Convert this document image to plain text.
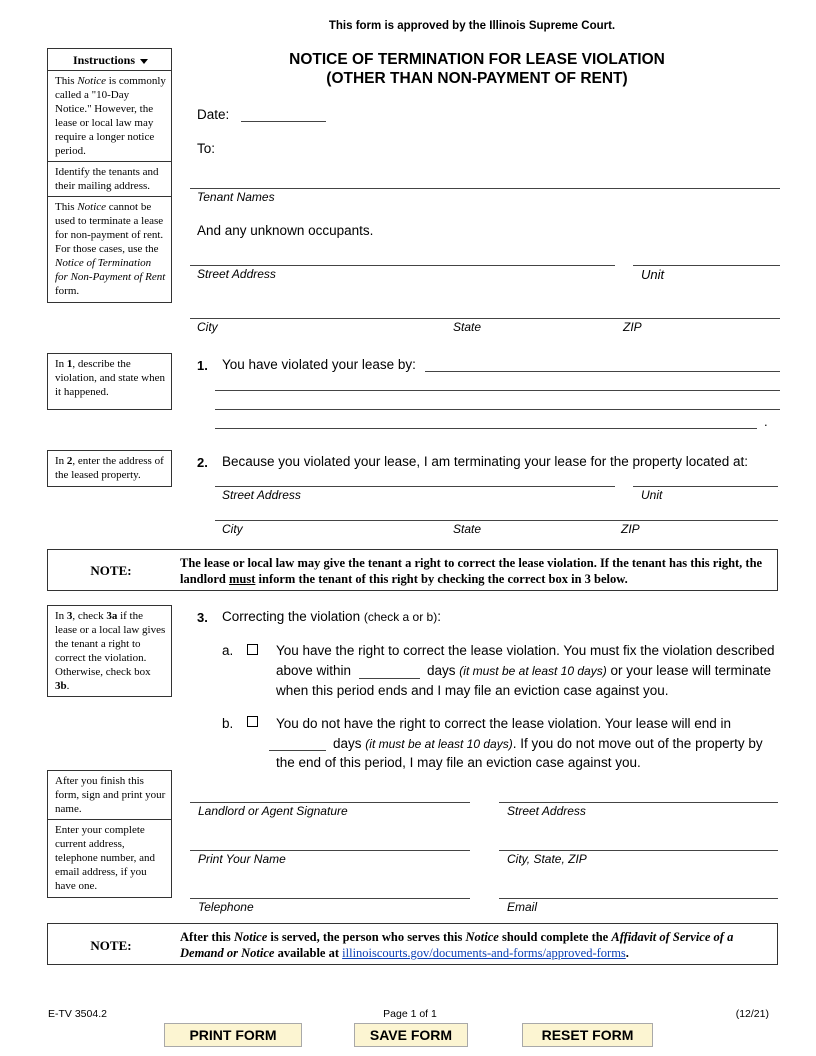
This form is approved by the Illinois Supreme Court.
NOTICE OF TERMINATION FOR LEASE VIOLATION
(OTHER THAN NON-PAYMENT OF RENT)
Instructions
This Notice is commonly called a "10-Day Notice." However, the lease or local law may require a longer notice period.
Identify the tenants and their mailing address.
This Notice cannot be used to terminate a lease for non-payment of rent. For those cases, use the Notice of Termination for Non-Payment of Rent form.
In 1, describe the violation, and state when it happened.
In 2, enter the address of the leased property.
In 3, check 3a if the lease or a local law gives the tenant a right to correct the violation. Otherwise, check box 3b.
After you finish this form, sign and print your name.
Enter your complete current address, telephone number, and email address, if you have one.
Date:
To:
Tenant Names
And any unknown occupants.
Street Address	Unit
City	State	ZIP
1. You have violated your lease by:
.
2. Because you violated your lease, I am terminating your lease for the property located at:
Street Address	Unit
City	State	ZIP
NOTE:	The lease or local law may give the tenant a right to correct the lease violation. If the tenant has this right, the landlord must inform the tenant of this right by checking the correct box in 3 below.
3. Correcting the violation (check a or b):
a.	You have the right to correct the lease violation. You must fix the violation described
above within	days (it must be at least 10 days) or your lease will terminate
when this period ends and I may file an eviction case against you.
b.	You do not have the right to correct the lease violation. Your lease will end in
days (it must be at least 10 days). If you do not move out of the property by
the end of this period, I may file an eviction case against you.
Landlord or Agent Signature	Street Address
Print Your Name	City, State, ZIP
Telephone	Email
NOTE:
After this Notice is served, the person who serves this Notice should complete the Affidavit of Service of a Demand or Notice available at illinoiscourts.gov/documents-and-forms/approved-forms.
E-TV 3504.2	Page 1 of 1	(12/21)
PRINT FORM	SAVE FORM	RESET FORM
